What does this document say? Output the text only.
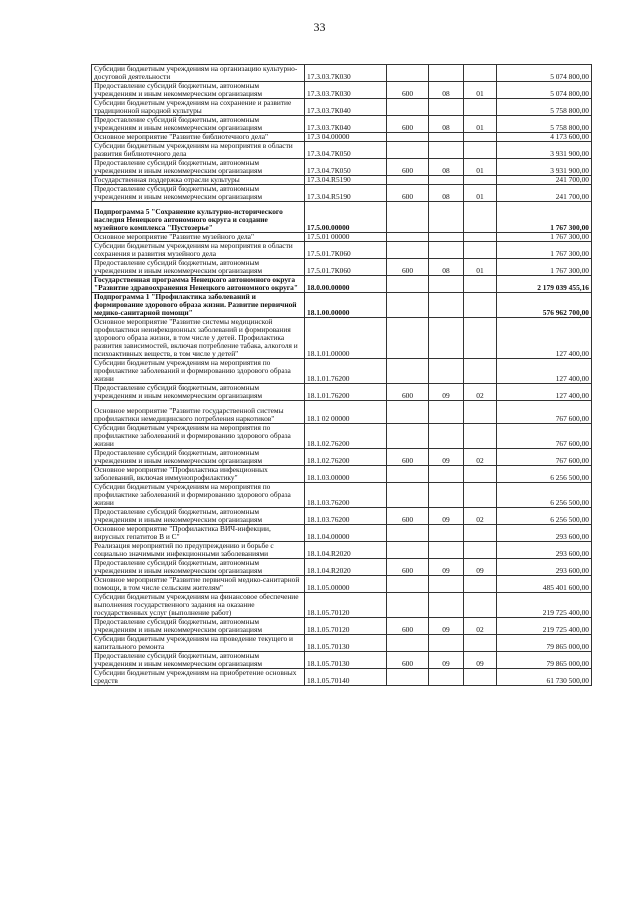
33
Субсидии бюджетным учреждениям на организацию культурно-досуговой деятельности	17.3.03.7К030				5 074 800,00
Предоставление субсидий бюджетным, автономным учреждениям и иным некоммерческим организациям	17.3.03.7К030	600	08	01	5 074 800,00
Субсидии бюджетным учреждениям на сохранение и развитие традиционной народной культуры	17.3.03.7К040				5 758 800,00
Предоставление субсидий бюджетным, автономным учреждениям и иным некоммерческим организациям	17.3.03.7К040	600	08	01	5 758 800,00
Основное мероприятие "Развитие библиотечного дела"	17.3 04.00000				4 173 600,00
Субсидии бюджетным учреждениям на мероприятия в области развития библиотечного дела	17.3.04.7К050				3 931 900,00
Предоставление субсидий бюджетным, автономным учреждениям и иным некоммерческим организациям	17.3.04.7К050	600	08	01	3 931 900,00
Государственная поддержка отрасли культуры	17.3.04.R5190				241 700,00
Предоставление субсидий бюджетным, автономным учреждениям и иным некоммерческим организациям	17.3.04.R5190	600	08	01	241 700,00
Подпрограмма 5 "Сохранение культурно-исторического наследия Ненецкого автономного округа и создание музейного комплекса "Пустозерье"	17.5.00.00000				1 767 300,00
Основное мероприятие "Развитие музейного дела"	17.5.01 00000				1 767 300,00
Субсидии бюджетным учреждениям на мероприятия в области сохранения и развития музейного дела	17.5.01.7К060				1 767 300,00
Предоставление субсидий бюджетным, автономным учреждениям и иным некоммерческим организациям	17.5.01.7К060	600	08	01	1 767 300,00
Государственная программа Ненецкого автономного округа "Развитие здравоохранения Ненецкого автономного округа"	18.0.00.00000				2 179 039 455,16
Подпрограмма 1 "Профилактика заболеваний и формирование здорового образа жизни. Развитие первичной медико-санитарной помощи"	18.1.00.00000				576 962 700,00
Основное мероприятие "Развитие системы медицинской профилактики неинфекционных заболеваний и формирования здорового образа жизни, в том числе у детей. Профилактика развития зависимостей, включая потребление табака, алкоголя и психоактивных веществ, в том числе у детей"	18.1.01.00000				127 400,00
Субсидии бюджетным учреждениям на мероприятия по профилактике заболеваний и формированию здорового образа жизни	18.1.01.76200				127 400,00
Предоставление субсидий бюджетным, автономным учреждениям и иным некоммерческим организациям	18.1.01.76200	600	09	02	127 400,00
Основное мероприятие "Развитие государственной системы профилактики немедицинского потребления наркотиков"	18.1 02 00000				767 600,00
Субсидии бюджетным учреждениям на мероприятия по профилактике заболеваний и формированию здорового образа жизни	18.1.02.76200				767 600,00
Предоставление субсидий бюджетным, автономным учреждениям и иным некоммерческим организациям	18.1.02.76200	600	09	02	767 600,00
Основное мероприятие "Профилактика инфекционных заболеваний, включая иммунопрофилактику"	18.1.03.00000				6 256 500,00
Субсидии бюджетным учреждениям на мероприятия по профилактике заболеваний и формированию здорового образа жизни	18.1.03.76200				6 256 500,00
Предоставление субсидий бюджетным, автономным учреждениям и иным некоммерческим организациям	18.1.03.76200	600	09	02	6 256 500,00
Основное мероприятие "Профилактика ВИЧ-инфекции, вирусных гепатитов В и С"	18.1.04.00000				293 600,00
Реализация мероприятий по предупреждению и борьбе с социально значимыми инфекционными заболеваниями	18.1.04.R2020				293 600,00
Предоставление субсидий бюджетным, автономным учреждениям и иным некоммерческим организациям	18.1.04.R2020	600	09	09	293 600,00
Основное мероприятие "Развитие первичной медико-санитарной помощи, в том числе сельским жителям"	18.1.05.00000				485 401 600,00
Субсидии бюджетным учреждениям на финансовое обеспечение выполнения государственного задания на оказание государственных услуг (выполнение работ)	18.1.05.70120				219 725 400,00
Предоставление субсидий бюджетным, автономным учреждениям и иным некоммерческим организациям	18.1.05.70120	600	09	02	219 725 400,00
Субсидии бюджетным учреждениям на проведение текущего и капитального ремонта	18.1.05.70130				79 865 000,00
Предоставление субсидий бюджетным, автономным учреждениям и иным некоммерческим организациям	18.1.05.70130	600	09	09	79 865 000,00
Субсидии бюджетным учреждениям на приобретение основных средств	18.1.05.70140				61 730 500,00
